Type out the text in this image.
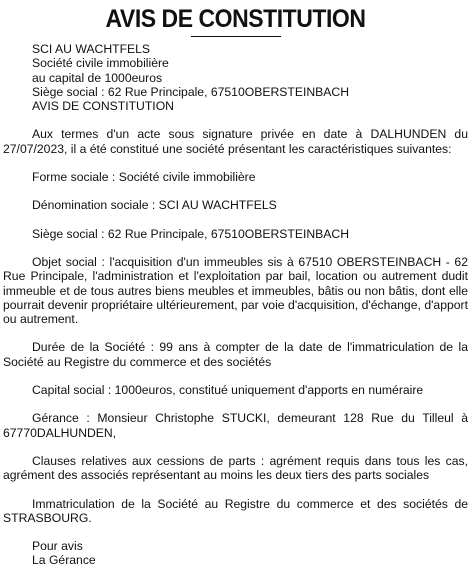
AVIS DE CONSTITUTION
SCI AU WACHTFELS
Société civile immobilière
au capital de 1000euros
Siège social : 62 Rue Principale, 67510OBERSTEINBACH
AVIS DE CONSTITUTION

Aux termes d'un acte sous signature privée en date à DALHUNDEN du 27/07/2023, il a été constitué une société présentant les caractéristiques suivantes:

Forme sociale : Société civile immobilière

Dénomination sociale : SCI AU WACHTFELS

Siège social : 62 Rue Principale, 67510OBERSTEINBACH

Objet social : l'acquisition d'un immeubles sis à 67510 OBERSTEINBACH - 62 Rue Principale, l'administration et l'exploitation par bail, location ou autrement dudit immeuble et de tous autres biens meubles et immeubles, bâtis ou non bâtis, dont elle pourrait devenir propriétaire ultérieurement, par voie d'acquisition, d'échange, d'apport ou autrement.

Durée de la Société : 99 ans à compter de la date de l'immatriculation de la Société au Registre du commerce et des sociétés

Capital social : 1000euros, constitué uniquement d'apports en numéraire

Gérance : Monsieur Christophe STUCKI, demeurant 128 Rue du Tilleul à 67770DALHUNDEN,

Clauses relatives aux cessions de parts : agrément requis dans tous les cas, agrément des associés représentant au moins les deux tiers des parts sociales

Immatriculation de la Société au Registre du commerce et des sociétés de STRASBOURG.

Pour avis
La Gérance
